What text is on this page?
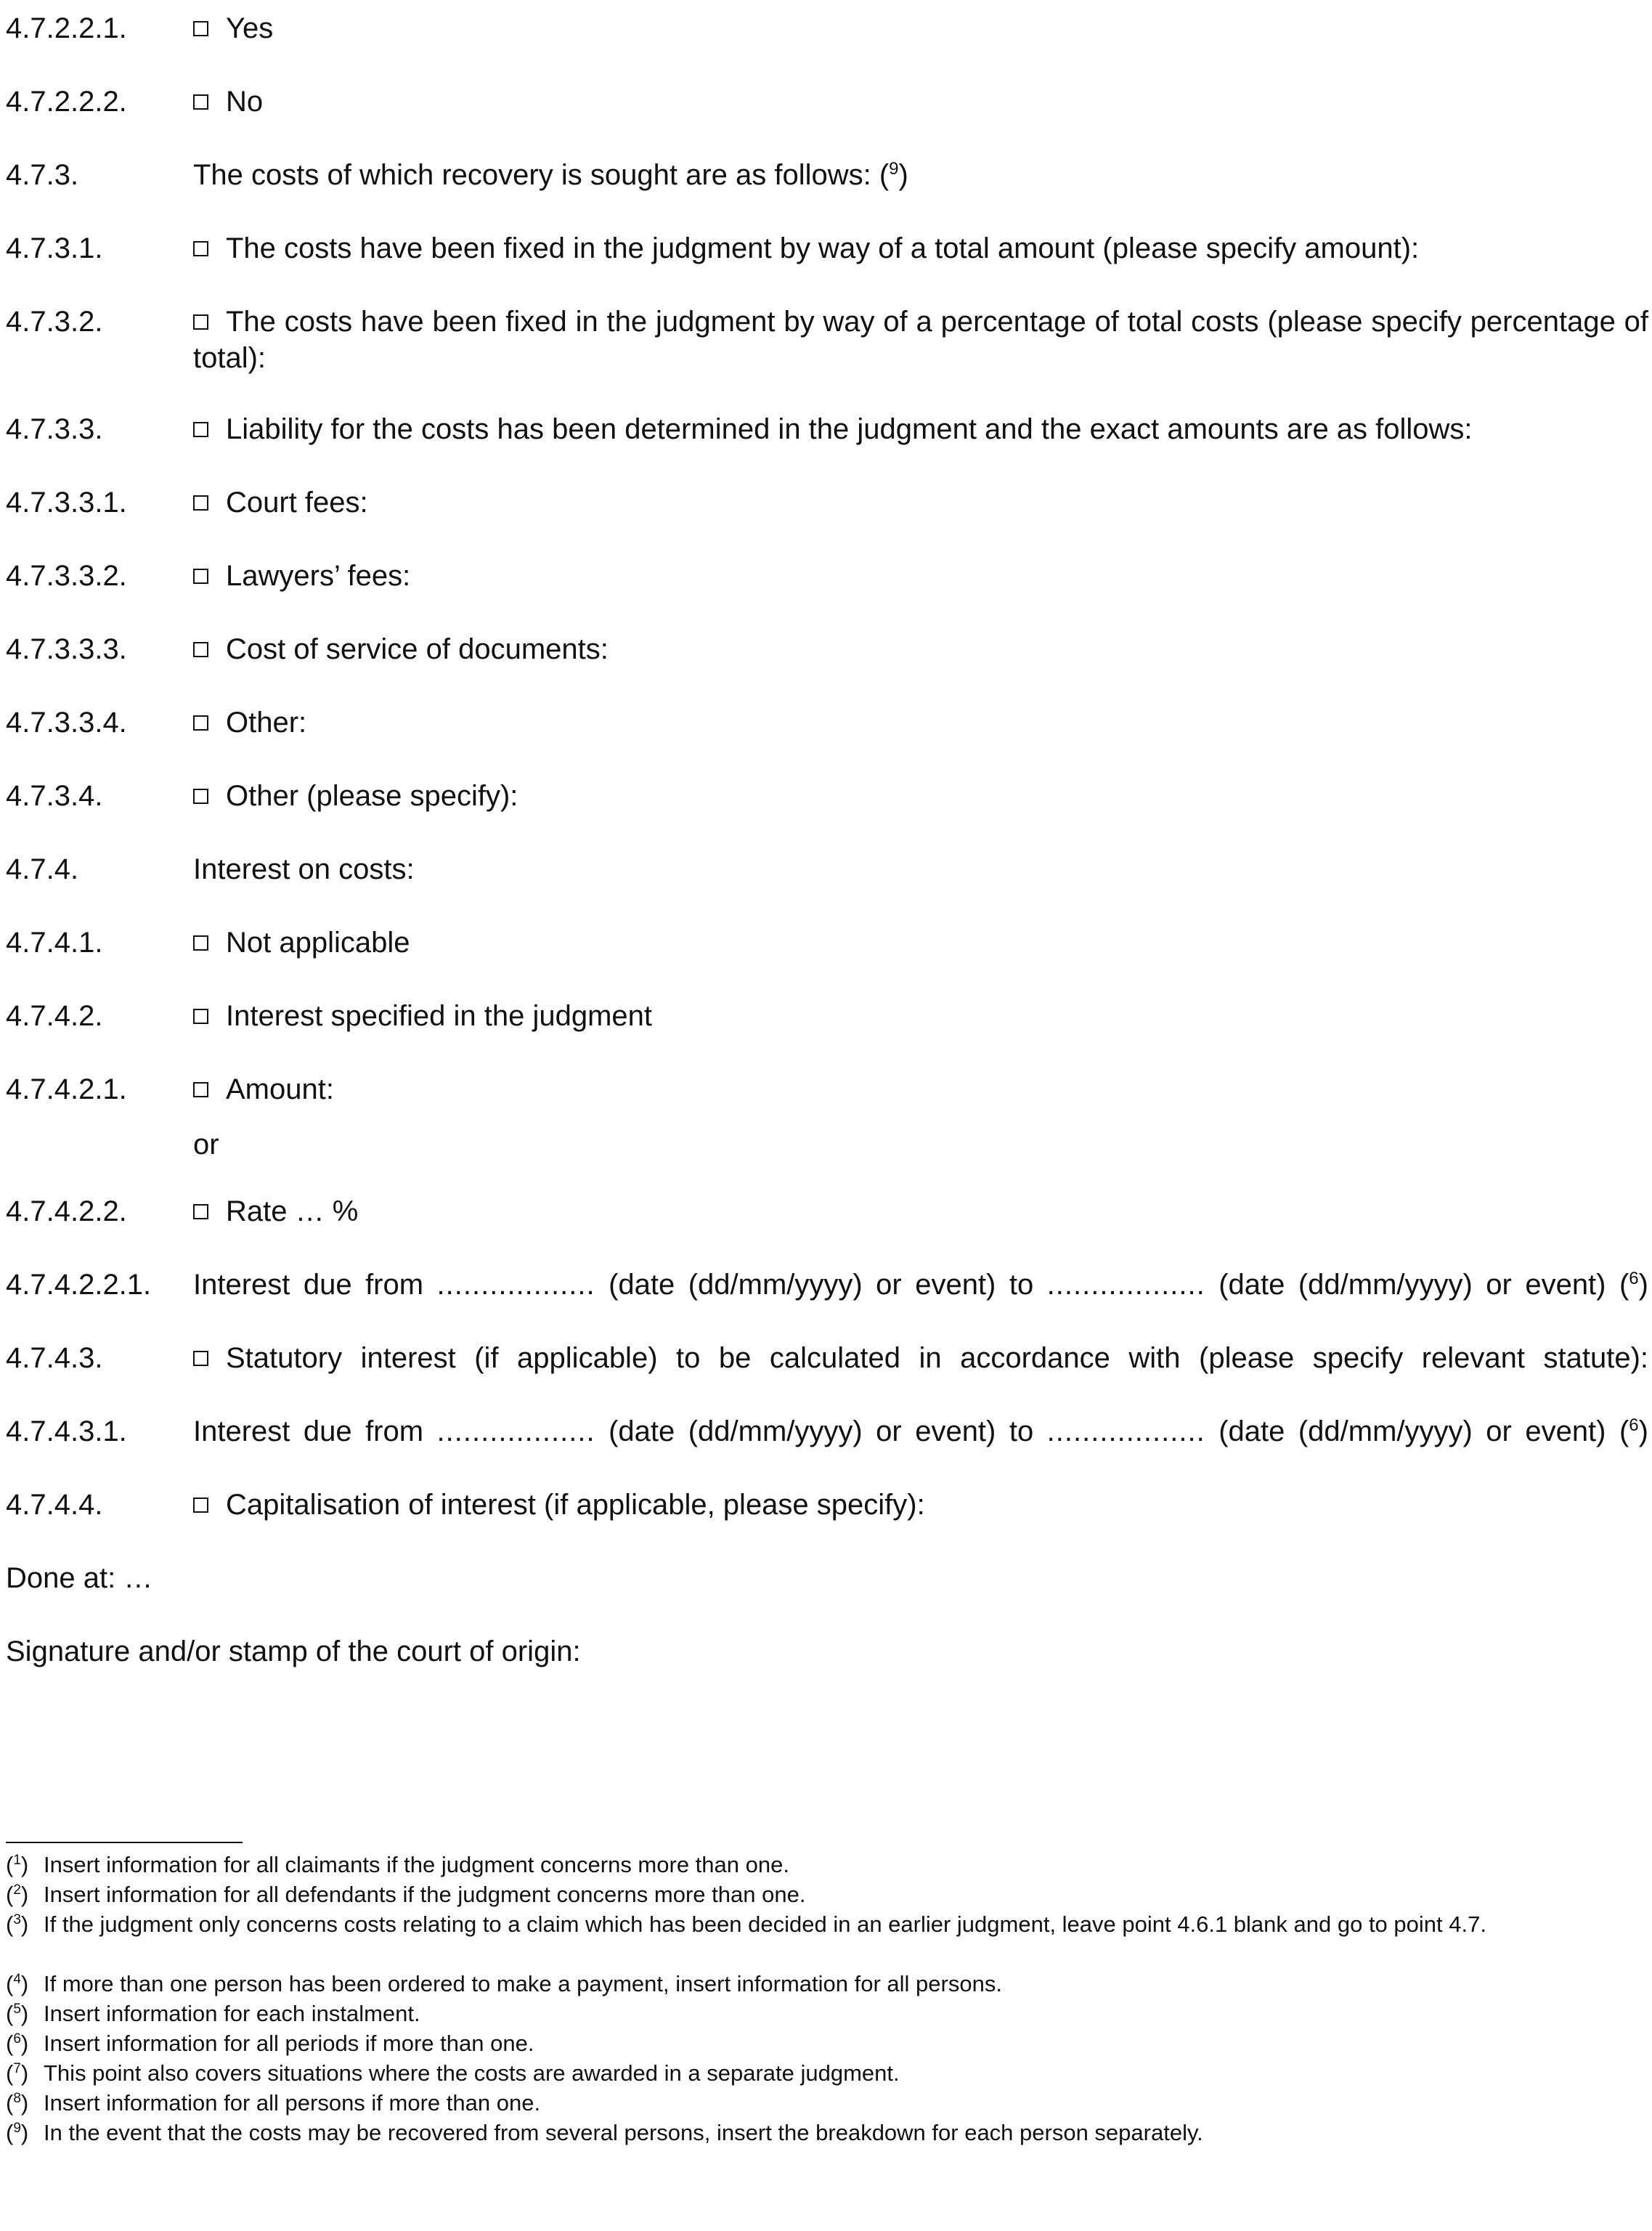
4.7.2.2.1.	Yes
4.7.2.2.2.	No
4.7.3.	The costs of which recovery is sought are as follows: ($^9$)
4.7.3.1.	The costs have been fixed in the judgment by way of a total amount (please specify amount):
4.7.3.2.	The costs have been fixed in the judgment by way of a percentage of total costs (please specify percentage of total):
4.7.3.3.	Liability for the costs has been determined in the judgment and the exact amounts are as follows:
4.7.3.3.1.	Court fees:
4.7.3.3.2.	Lawyers’ fees:
4.7.3.3.3.	Cost of service of documents:
4.7.3.3.4.	Other:
4.7.3.4.	Other (please specify):
4.7.4.	Interest on costs:
4.7.4.1.	Not applicable
4.7.4.2.	Interest specified in the judgment
4.7.4.2.1.	Amount:
or
4.7.4.2.2.	Rate … %
4.7.4.2.2.1. Interest due from .................. (date (dd/mm/yyyy) or event) to .................. (date (dd/mm/yyyy) or event) ($^6$)
4.7.4.3.	Statutory interest (if applicable) to be calculated in accordance with (please specify relevant statute):
4.7.4.3.1. Interest due from .................. (date (dd/mm/yyyy) or event) to .................. (date (dd/mm/yyyy) or event) ($^6$)
4.7.4.4.	Capitalisation of interest (if applicable, please specify):
Done at: …
Signature and/or stamp of the court of origin:
($^1$) Insert information for all claimants if the judgment concerns more than one.
($^2$) Insert information for all defendants if the judgment concerns more than one.
($^3$) If the judgment only concerns costs relating to a claim which has been decided in an earlier judgment, leave point 4.6.1 blank and go to point 4.7.
($^4$) If more than one person has been ordered to make a payment, insert information for all persons.
($^5$) Insert information for each instalment.
($^6$) Insert information for all periods if more than one.
($^7$) This point also covers situations where the costs are awarded in a separate judgment.
($^8$) Insert information for all persons if more than one.
($^9$) In the event that the costs may be recovered from several persons, insert the breakdown for each person separately.
